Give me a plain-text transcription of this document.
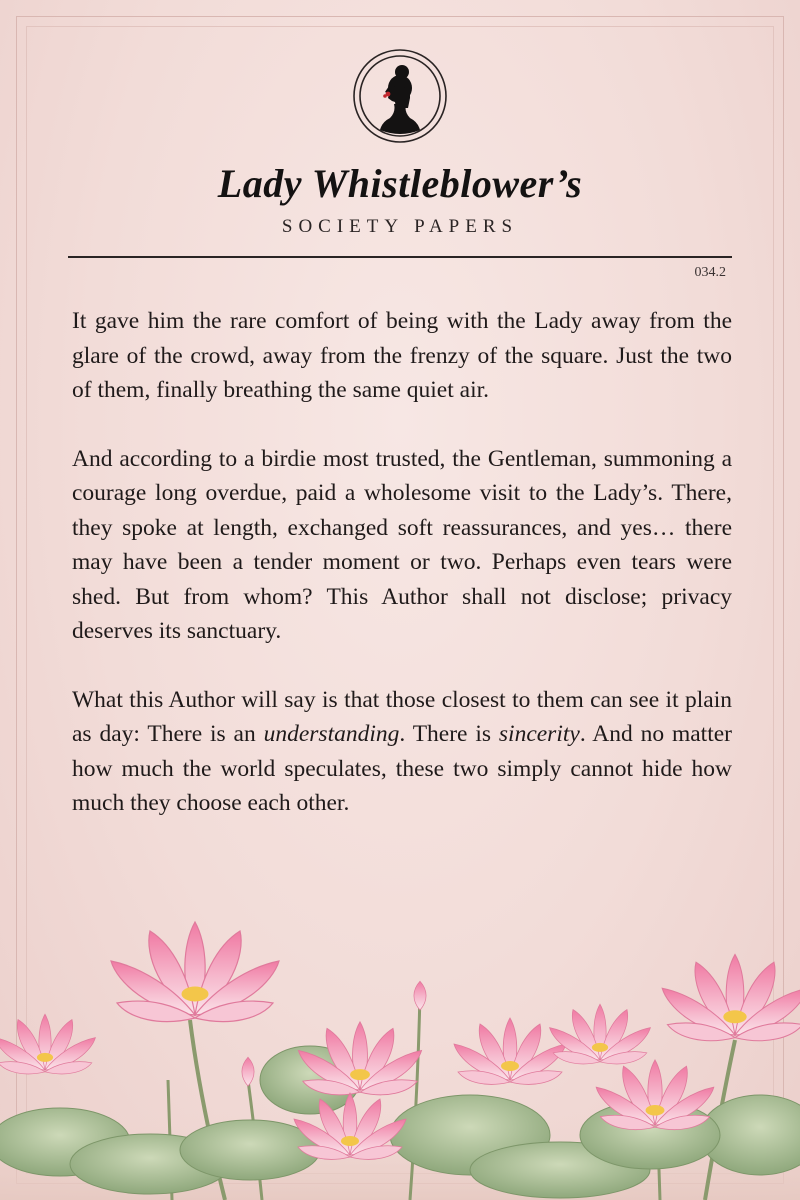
Lady Whistleblower’s
SOCIETY PAPERS
034.2

It gave him the rare comfort of being with the Lady away from the glare of the crowd, away from the frenzy of the square. Just the two of them, finally breathing the same quiet air.

And according to a birdie most trusted, the Gentleman, summoning a courage long overdue, paid a wholesome visit to the Lady’s. There, they spoke at length, exchanged soft reassurances, and yes… there may have been a tender moment or two. Perhaps even tears were shed. But from whom? This Author shall not disclose; privacy deserves its sanctuary.

What this Author will say is that those closest to them can see it plain as day: There is an understanding. There is sincerity. And no matter how much the world speculates, these two simply cannot hide how much they choose each other.
